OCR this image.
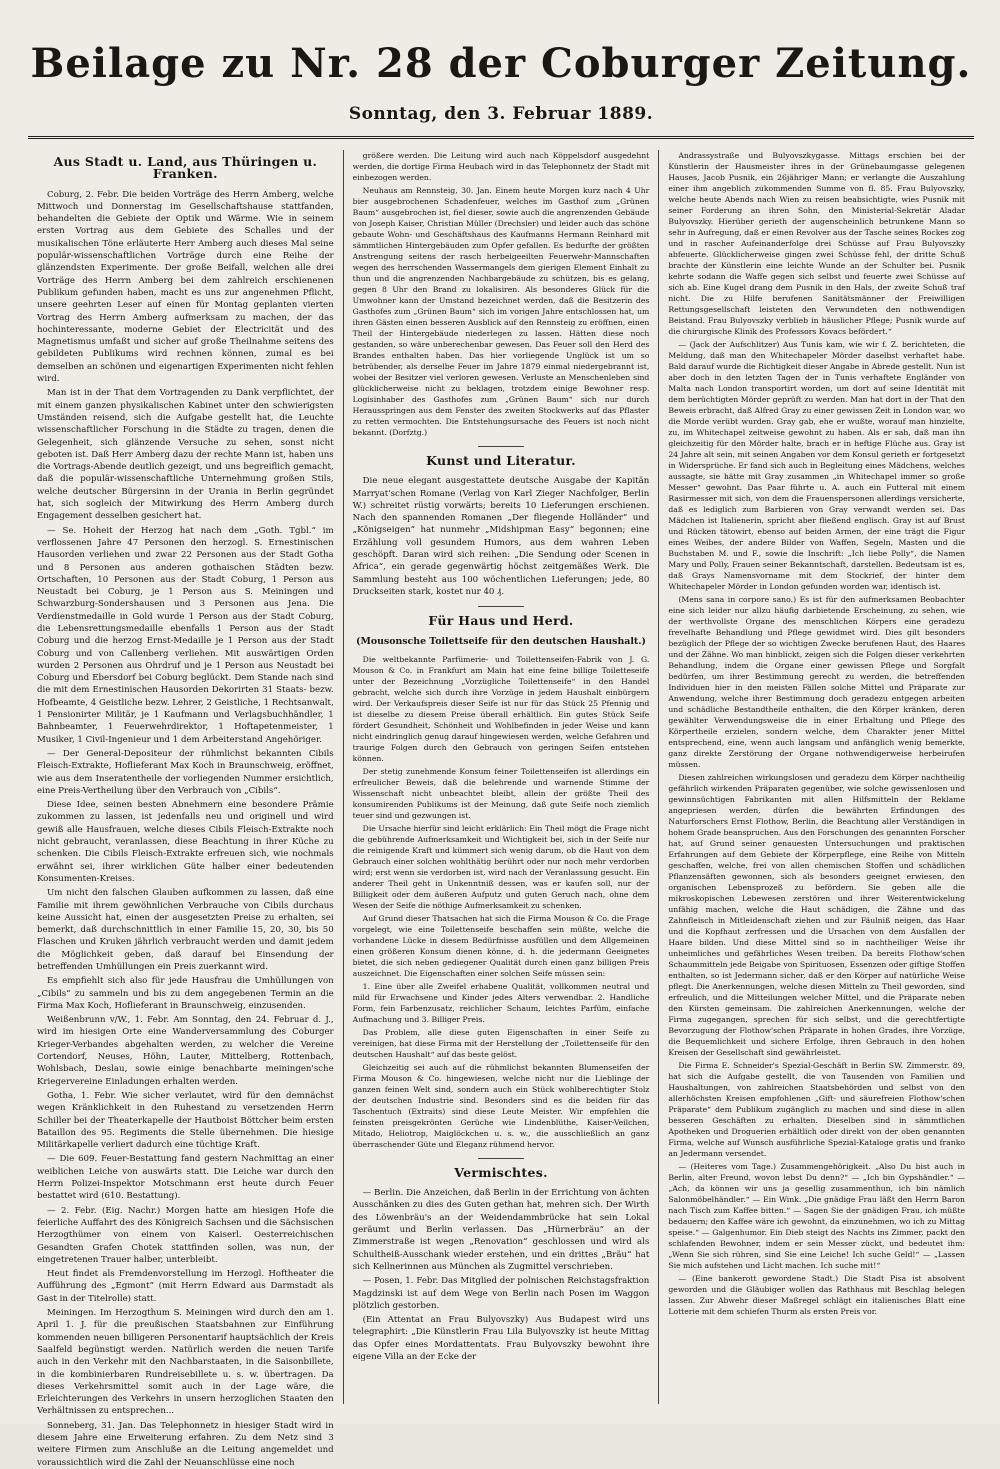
Beilage zu Nr. 28 der Coburger Zeitung.
Sonntag, den 3. Februar 1889.
Aus Stadt u. Land, aus Thüringen u. Franken.

Coburg, 2. Febr. Die beiden Vorträge des Herrn Amberg, welche Mittwoch und Donnerstag im Gesellschaftshause stattfanden, behandelten die Gebiete der Optik und Wärme. Wie in seinem ersten Vortrag aus dem Gebiete des Schalles und der musikalischen Töne erläuterte Herr Amberg auch dieses Mal seine populär-wissenschaftlichen Vorträge durch eine Reihe der glänzendsten Experimente. Der große Beifall, welchen alle drei Vorträge des Herrn Amberg bei dem zahlreich erschienenen Publikum gefunden haben, macht es uns zur angenehmen Pflicht, unsere geehrten Leser auf einen für Montag geplanten vierten Vortrag des Herrn Amberg aufmerksam zu machen, der das hochinteressante, moderne Gebiet der Electricität und des Magnetismus umfaßt und sicher auf große Theilnahme seitens des gebildeten Publikums wird rechnen können, zumal es bei demselben an schönen und eigenartigen Experimenten nicht fehlen wird.

Man ist in der That dem Vortragenden zu Dank verpflichtet, der mit einem ganzen physikalischen Kabinet unter den schwierigsten Umständen reisend, sich die Aufgabe gestellt hat, die Leuchte wissenschaftlicher Forschung in die Städte zu tragen, denen die Gelegenheit, sich glänzende Versuche zu sehen, sonst nicht geboten ist. Daß Herr Amberg dazu der rechte Mann ist, haben uns die Vortrags-Abende deutlich gezeigt, und uns begreiflich gemacht, daß die populär-wissenschaftliche Unternehmung großen Stils, welche deutscher Bürgersinn in der Urania in Berlin gegründet hat, sich sogleich der Mitwirkung des Herrn Amberg durch Engagement desselben gesichert hat.

— Se. Hoheit der Herzog hat nach dem „Goth. Tgbl.“ im verflossenen Jahre 47 Personen den herzogl. S. Ernestinischen Hausorden verliehen und zwar 22 Personen aus der Stadt Gotha und 8 Personen aus anderen gothaischen Städten bezw. Ortschaften, 10 Personen aus der Stadt Coburg, 1 Person aus Neustadt bei Coburg, je 1 Person aus S. Meiningen und Schwarzburg-Sondershausen und 3 Personen aus Jena. Die Verdienstmedaille in Gold wurde 1 Person aus der Stadt Coburg, die Lebensrettungsmedaille ebenfalls 1 Person aus der Stadt Coburg und die herzog Ernst-Medaille je 1 Person aus der Stadt Coburg und von Callenberg verliehen. Mit auswärtigen Orden wurden 2 Personen aus Ohrdruf und je 1 Person aus Neustadt bei Coburg und Ebersdorf bei Coburg beglückt. Dem Stande nach sind die mit dem Ernestinischen Hausorden Dekorirten 31 Staats- bezw. Hofbeamte, 4 Geistliche bezw. Lehrer, 2 Geistliche, 1 Rechtsanwalt, 1 Pensionirter Militär, je 1 Kaufmann und Verlagsbuchhändler, 1 Bahnbeamter, 1 Feuerwehrdirektor, 1 Hoftapetenmeister, 1 Musiker, 1 Civil-Ingenieur und 1 dem Arbeiterstand Angehöriger.

— Der General-Depositeur der rühmlichst bekannten Cibils Fleisch-Extrakte, Hoflieferant Max Koch in Braunschweig, eröffnet, wie aus dem Inseratentheile der vorliegenden Nummer ersichtlich, eine Preis-Vertheilung über den Verbrauch von „Cibils“.

Diese Idee, seinen besten Abnehmern eine besondere Prämie zukommen zu lassen, ist jedenfalls neu und originell und wird gewiß alle Hausfrauen, welche dieses Cibils Fleisch-Extrakte noch nicht gebraucht, veranlassen, diese Beachtung in ihrer Küche zu schenken. Die Cibils Fleisch-Extrakte erfreuen sich, wie nochmals erwähnt sei, ihrer wirklichen Güte halber einer bedeutenden Konsumenten-Kreises.

Um nicht den falschen Glauben aufkommen zu lassen, daß eine Familie mit ihrem gewöhnlichen Verbrauche von Cibils durchaus keine Aussicht hat, einen der ausgesetzten Preise zu erhalten, sei bemerkt, daß durchschnittlich in einer Familie 15, 20, 30, bis 50 Flaschen und Kruken jährlich verbraucht werden und damit jedem die Möglichkeit geben, daß darauf bei Einsendung der betreffenden Umhüllungen ein Preis zuerkannt wird.

Es empfiehlt sich also für jede Hausfrau die Umhüllungen von „Cibils“ zu sammeln und bis zu dem angegebenen Termin an die Firma Max Koch, Hoflieferant in Braunschweig, einzusenden.

Weißenbrunn v/W., 1. Febr. Am Sonntag, den 24. Februar d. J., wird im hiesigen Orte eine Wanderversammlung des Coburger Krieger-Verbandes abgehalten werden, zu welcher die Vereine Cortendorf, Neuses, Höhn, Lauter, Mittelberg, Rottenbach, Wohlsbach, Deslau, sowie einige benachbarte meiningen'sche Kriegervereine Einladungen erhalten werden.

Gotha, 1. Febr. Wie sicher verlautet, wird für den demnächst wegen Kränklichkeit in den Ruhestand zu versetzenden Herrn Schiller bei der Theaterkapelle der Hautboist Böttcher beim ersten Bataillon des 95. Regiments die Stelle übernehmen. Die hiesige Militärkapelle verliert dadurch eine tüchtige Kraft.

— Die 609. Feuer-Bestattung fand gestern Nachmittag an einer weiblichen Leiche von auswärts statt. Die Leiche war durch den Herrn Polizei-Inspektor Motschmann erst heute durch Feuer bestattet wird (610. Bestattung).

— 2. Febr. (Eig. Nachr.) Morgen hatte am hiesigen Hofe die feierliche Auffahrt des des Königreich Sachsen und die Sächsischen Herzogthümer von einem von Kaiserl. Oesterreichischen Gesandten Grafen Chotek stattfinden sollen, was nun, der eingetretenen Trauer halber, unterbleibt.

Heut findet als Fremdenvorstellung im Herzogl. Hoftheater die Aufführung des „Egmont“ (mit Herrn Edward aus Darmstadt als Gast in der Titelrolle) statt.

Meiningen. Im Herzogthum S. Meiningen wird durch den am 1. April 1. J. für die preußischen Staatsbahnen zur Einführung kommenden neuen billigeren Personentarif hauptsächlich der Kreis Saalfeld begünstigt werden. Natürlich werden die neuen Tarife auch in den Verkehr mit den Nachbarstaaten, in die Saisonbillete, in die kombinierbaren Rundreisebillete u. s. w. übertragen. Da dieses Verkehrsmittel somit auch in der Lage wäre, die Erleichterungen des Verkehrs in unsern herzoglichen Staaten den Verhältnissen zu entsprechen...

Sonneberg, 31. Jan. Das Telephonnetz in hiesiger Stadt wird in diesem Jahre eine Erweiterung erfahren. Zu dem Netz sind 3 weitere Firmen zum Anschluße an die Leitung angemeldet und voraussichtlich wird die Zahl der Neuanschlüsse eine noch

größere werden. Die Leitung wird auch nach Köppelsdorf ausgedehnt werden, die dortige Firma Heubach wird in das Telephonnetz der Stadt mit einbezogen werden.

Neuhaus am Rennsteig, 30. Jan. Einem heute Morgen kurz nach 4 Uhr bier ausgebrochenen Schadenfeuer, welches im Gasthof zum „Grünen Baum“ ausgebrochen ist, fiel dieser, sowie auch die angrenzenden Gebäude von Joseph Kaiser, Christian Müller (Drechsler) und leider auch das schöne gebaute Wohn- und Geschäftshaus des Kaufmanns Hermann Reinhard mit sämmtlichen Hintergebäuden zum Opfer gefallen. Es bedurfte der größten Anstrengung seitens der rasch herbeigeeilten Feuerwehr-Mannschaften wegen des herrschenden Wassermangels dem gierigen Element Einhalt zu thun und die angrenzenden Nachbargebäude zu schützen, bis es gelang, gegen 8 Uhr den Brand zu lokalisiren. Als besonderes Glück für die Umwohner kann der Umstand bezeichnet werden, daß die Besitzerin des Gasthofes zum „Grünen Baum“ sich im vorigen Jahre entschlossen hat, um ihren Gästen einen besseren Ausblick auf den Rennsteig zu eröffnen, einen Theil der Hintergebäude niederlegen zu lassen. Hätten diese noch gestanden, so wäre unberechenbar gewesen. Das Feuer soll den Herd des Brandes enthalten haben. Das hier vorliegende Unglück ist um so betrübender, als derselbe Feuer im Jahre 1879 einmal niedergebrannt ist, wobei der Besitzer viel verloren gewesen. Verluste an Menschenleben sind glücklicherweise nicht zu beklagen, trotzdem einige Bewohner resp. Logisinhaber des Gasthofes zum „Grünen Baum“ sich nur durch Herausspringen aus dem Fenster des zweiten Stockwerks auf das Pflaster zu retten vermochten. Die Entstehungsursache des Feuers ist noch nicht bekannt. (Dorfztg.)

Kunst und Literatur.

Die neue elegant ausgestattete deutsche Ausgabe der Kapitän Marryat'schen Romane (Verlag von Karl Zieger Nachfolger, Berlin W.) schreitet rüstig vorwärts; bereits 10 Lieferungen erschienen. Nach den spannenden Romanen „Der fliegende Holländer“ und „Königseigen“ hat nunmehr „Midshipman Easy“ begonnen; eine Erzählung voll gesundem Humors, aus dem wahren Leben geschöpft. Daran wird sich reihen: „Die Sendung oder Scenen in Africa“, ein gerade gegenwärtig höchst zeitgemäßes Werk. Die Sammlung besteht aus 100 wöchentlichen Lieferungen; jede, 80 Druckseiten stark, kostet nur 40 ₰.

Für Haus und Herd.
(Mousonsche Toilettseife für den deutschen Haushalt.)

Die weltbekannte Parfümerie- und Toilettenseifen-Fabrik von J. G. Mouson & Co. in Frankfurt am Main hat eine feine billige Toiletteseife unter der Bezeichnung „Vorzügliche Toilettenseife“ in den Handel gebracht, welche sich durch ihre Vorzüge in jedem Haushalt einbürgern wird. Der Verkaufspreis dieser Seife ist nur für das Stück 25 Pfennig und ist dieselbe zu diesem Preise überall erhältlich. Ein gutes Stück Seife fördert Gesundheit, Schönheit und Wohlbefinden in jeder Weise und kann nicht eindringlich genug darauf hingewiesen werden, welche Gefahren und traurige Folgen durch den Gebrauch von geringen Seifen entstehen können.

Der stetig zunehmende Konsum feiner Toilettenseifen ist allerdings ein erfreulicher Beweis, daß die belehrende und warnende Stimme der Wissenschaft nicht unbeachtet bleibt, allein der größte Theil des konsumirenden Publikums ist der Meinung, daß gute Seife noch ziemlich teuer sind und gezwungen ist.

Die Ursache hierfür sind leicht erklärlich: Ein Theil mögt die Frage nicht die gebührende Aufmerksamkeit und Wichtigkeit bei, sich in der Seife nur die reinigende Kraft und kümmert sich wenig darum, ob die Haut von dem Gebrauch einer solchen wohlthätig berührt oder nur noch mehr verdorben wird; erst wenn sie verdorben ist, wird nach der Veranlassung gesucht. Ein anderer Theil geht in Unkenntniß dessen, was er kaufen soll, nur der Billigkeit oder dem äußeren Aufputz und guten Geruch nach, ohne dem Wesen der Seife die nöthige Aufmerksamkeit zu schenken.

Auf Grund dieser Thatsachen hat sich die Firma Mouson & Co. die Frage vorgelegt, wie eine Toilettenseife beschaffen sein müßte, welche die vorhandene Lücke in diesem Bedürfnisse ausfüllen und dem Allgemeinen einen größeren Konsum dienen könne, d. h. die jedermann Geeignetes bietet, die sich neben gediegener Qualität durch einen ganz billigen Preis auszeichnet. Die Eigenschaften einer solchen Seife müssen sein:

1. Eine über alle Zweifel erhabene Qualität, vollkommen neutral und mild für Erwachsene und Kinder jedes Alters verwendbar. 2. Handliche Form, fein Farbenzusatz, reichlicher Schaum, leichtes Parfüm, einfache Aufmachung und 3. Billiger Preis.

Das Problem, alle diese guten Eigenschaften in einer Seife zu vereinigen, hat diese Firma mit der Herstellung der „Toilettenseife für den deutschen Haushalt“ auf das beste gelöst.

Gleichzeitig sei auch auf die rühmlichst bekannten Blumenseifen der Firma Mouson & Co. hingewiesen, welche nicht nur die Lieblinge der ganzen feinen Welt sind, sondern auch ein Stück wohlberechtigter Stolz der deutschen Industrie sind. Besonders sind es die beiden für das Taschentuch (Extraits) sind diese Leute Meister. Wir empfehlen die feinsten preisgekrönten Gerüche wie Lindenblüthe, Kaiser-Veilchen, Mitado, Heliotrop, Maiglöckchen u. s. w., die ausschließlich an ganz überraschender Güte und Eleganz rühmend hervor.

Vermischtes.

— Berlin. Die Anzeichen, daß Berlin in der Errichtung von ächten Ausschänken zu dies des Guten gethan hat, mehren sich. Der Wirth des Löwenbräu's an der Weidendammbrücke hat sein Lokal geräumt und Berlin verlassen. Das „Hürnerbräu“ an der Zimmerstraße ist wegen „Renovation“ geschlossen und wird als Schultheiß-Ausschank wieder erstehen, und ein drittes „Bräu“ hat sich Kellnerinnen aus München als Zugmittel verschrieben.

— Posen, 1. Febr. Das Mitglied der polnischen Reichstagsfraktion Magdzinski ist auf dem Wege von Berlin nach Posen im Waggon plötzlich gestorben.

(Ein Attentat an Frau Bulyovszky) Aus Budapest wird uns telegraphirt: „Die Künstlerin Frau Lila Bulyovszky ist heute Mittag das Opfer eines Mordattentats. Frau Bulyovszky bewohnt ihre eigene Villa an der Ecke der

Andrassystraße und Bulyovszkygasse. Mittags erschien bei der Künstlerin der Hausmeister ihres in der Grünebaumgasse gelegenen Hauses, Jacob Pusnik, ein 26jähriger Mann; er verlangte die Auszahlung einer ihm angeblich zukommenden Summe von fl. 85. Frau Bulyovszky, welche heute Abends nach Wien zu reisen beabsichtigte, wies Pusnik mit seiner Forderung an ihren Sohn, den Ministerial-Sekretär Aladar Bulyovszky. Hierüber gerieth der augenscheinlich betrunkene Mann so sehr in Aufregung, daß er einen Revolver aus der Tasche seines Rockes zog und in rascher Aufeinanderfolge drei Schüsse auf Frau Bulyovszky abfeuerte. Glücklicherweise gingen zwei Schüsse fehl, der dritte Schuß brachte der Künstlerin eine leichte Wunde an der Schulter bei. Pusnik kehrte sodann die Waffe gegen sich selbst und feuerte zwei Schüsse auf sich ab. Eine Kugel drang dem Pusnik in den Hals, der zweite Schuß traf nicht. Die zu Hilfe berufenen Sanitätsmänner der Freiwilligen Rettungsgesellschaft leisteten den Verwundeten den nothwendigen Beistand. Frau Bulyovszky verblieb in häuslicher Pflege; Pusnik wurde auf die chirurgische Klinik des Professors Kovacs befördert.“

— (Jack der Aufschlitzer) Aus Tunis kam, wie wir f. Z. berichteten, die Meldung, daß man den Whitechapeler Mörder daselbst verhaftet habe. Bald darauf wurde die Richtigkeit dieser Angabe in Abrede gestellt. Nun ist aber doch in den letzten Tagen der in Tunis verhaftete Engländer von Malta nach London transportirt worden, um dort auf seine Identität mit dem berüchtigten Mörder geprüft zu werden. Man hat dort in der That den Beweis erbracht, daß Alfred Gray zu einer gewissen Zeit in London war, wo die Morde verübt wurden. Gray gab, ehe er wußte, worauf man hinzielte, zu, im Whitechapel zeitweise gewohnt zu haben. Als er sah, daß man ihn gleichzeitig für den Mörder halte, brach er in heftige Flüche aus. Gray ist 24 Jahre alt sein, mit seinen Angaben vor dem Konsul gerieth er fortgesetzt in Widersprüche. Er fand sich auch in Begleitung eines Mädchens, welches aussagte, sie hätte mit Gray zusammen „in Whitechapel immer so große Messer“ gewohnt. Das Paar führte u. A. auch ein Futteral mit einem Rasirmesser mit sich, von dem die Frauenspersonen allerdings versicherte, daß es lediglich zum Barbieren von Gray verwandt werden sei. Das Mädchen ist Italienerin, spricht aber fließend englisch. Gray ist auf Brust und Rücken tätowirt, ebenso auf beiden Armen, der eine trägt die Figur eines Weibes, der andere Bilder von Waffen, Segeln, Masten und die Buchstaben M. und F., sowie die Inschrift: „Ich liebe Polly“, die Namen Mary und Polly, Frauen seiner Bekanntschaft, darstellen. Bedeutsam ist es, daß Grays Namensvorname mit dem Stockrief, der hinter dem Whitechapeler Mörder in London gefunden worden war, identisch ist.

(Mens sana in corpore sano.) Es ist für den aufmerksamen Beobachter eine sich leider nur allzu häufig darbietende Erscheinung, zu sehen, wie der werthvollste Organe des menschlichen Körpers eine geradezu frevelhafte Behandlung und Pflege gewidmet wird. Dies gilt besonders bezüglich der Pflege der so wichtigen Zwecke berufenen Haut, des Haares und der Zähne. Wo man hinblickt, zeigen sich die Folgen dieser verkehrten Behandlung, indem die Organe einer gewissen Pflege und Sorgfalt bedürfen, um ihrer Bestimmung gerecht zu werden, die betreffenden Individuen hier in den meisten Fällen solche Mittel und Präparate zur Anwendung, welche ihrer Bestimmung doch geradezu entgegen arbeiten und schädliche Bestandtheile enthalten, die den Körper kränken, deren gewählter Verwendungsweise die in einer Erhaltung und Pflege des Körpertheile erzielen, sondern welche, dem Charakter jener Mittel entsprechend, eine, wenn auch langsam und anfänglich wenig bemerkte, ganz direkte Zerstörung der Organe nothwendigerweise herbeirufen müssen.

Diesen zahlreichen wirkungslosen und geradezu dem Körper nachtheilig gefährlich wirkenden Präparaten gegenüber, wie solche gewissenlosen und gewinnsüchtigen Fabrikanten mit allen Hilfsmitteln der Reklame angepriesen werden, dürfen die bewährten Erfindungen des Naturforschers Ernst Flothow, Berlin, die Beachtung aller Verständigen in hohem Grade beanspruchen. Aus den Forschungen des genannten Forscher hat, auf Grund seiner genauesten Untersuchungen und praktischen Erfahrungen auf dem Gebiete der Körperpflege, eine Reihe von Mitteln geschaffen, welche, frei von allen chemischen Stoffen und schädlichen Pflanzensäften gewonnen, sich als besonders geeignet erwiesen, den organischen Lebensprozeß zu befördern. Sie geben alle die mikroskopischen Lebewesen zerstören und ihrer Weiterentwickelung unfähig machen, welche die Haut schädigen, die Zähne und das Zahnfleisch in Mitleidenschaft ziehen und zur Fäulniß neigen, das Haar und die Kopfhaut zerfressen und die Ursachen von dem Ausfallen der Haare bilden. Und diese Mittel sind so in nachtheiliger Weise ihr unheimliches und gefährliches Wesen treiben. Da bereits Flothow'schen Schaummitteln jede Beigabe von Spirituosen, Essenzen oder giftige Stoffen enthalten, so ist Jedermann sicher, daß er den Körper auf natürliche Weise pflegt. Die Anerkennungen, welche diesen Mitteln zu Theil geworden, sind erfreulich, und die Mitteilungen welcher Mittel, und die Präparate neben den Kürsten gemeinsam. Die zahlreichen Anerkennungen, welche der Firma zugegangen, sprechen für sich selbst, und die gerechtfertigte Bevorzugung der Flothow'schen Präparate in hohen Grades, ihre Vorzüge, die Bequemlichkeit und sichere Erfolge, ihren Gebrauch in den hohen Kreisen der Gesellschaft sind gewährleistet.

Die Firma E. Schneider's Spezial-Geschäft in Berlin SW. Zimmerstr. 89, hat sich die Aufgabe gestellt, die von Tausenden von Familien und Haushaltungen, von zahlreichen Staatsbehörden und selbst von den allerhöchsten Kreisen empfohlenen „Gift- und säurefreien Flothow'schen Präparate“ dem Publikum zugänglich zu machen und sind diese in allen besseren Geschäften zu erhalten. Dieselben sind in sämmtlichen Apotheken und Droguerien erhältlich oder direkt von der oben genannten Firma, welche auf Wunsch ausführliche Spezial-Kataloge gratis und franko an Jedermann versendet.

— (Heiteres vom Tage.) Zusammengehörigkeit. „Also Du bist auch in Berlin, alter Freund, wovon lebst Du denn?“ — „Ich bin Gypshändler.“ — „Ach, da können wir uns ja gesellig zusammenthun, ich bin nämlich Salonmöbelhändler.“ — Ein Wink. „Die gnädige Frau läßt den Herrn Baron nach Tisch zum Kaffee bitten.“ — Sagen Sie der gnädigen Frau, ich müßte bedauern; den Kaffee wäre ich gewohnt, da einzunehmen, wo ich zu Mittag speise.“ — Galgenhumor. Ein Dieb steigt des Nachts ins Zimmer, packt den schlafenden Bewohner, indem er sein Messer zückt, und bedeutet ihm: „Wenn Sie sich rühren, sind Sie eine Leiche! Ich suche Geld!“ — „Lassen Sie mich aufstehen und Licht machen. Ich suche mit!“

— (Eine bankerott gewordene Stadt.) Die Stadt Pisa ist absolvent geworden und die Gläubiger wollen das Rathhaus mit Beschlag belegen lassen. Zur Abwehr dieser Maßregel schlägt ein italienisches Blatt eine Lotterie mit dem schiefen Thurm als ersten Preis vor.
